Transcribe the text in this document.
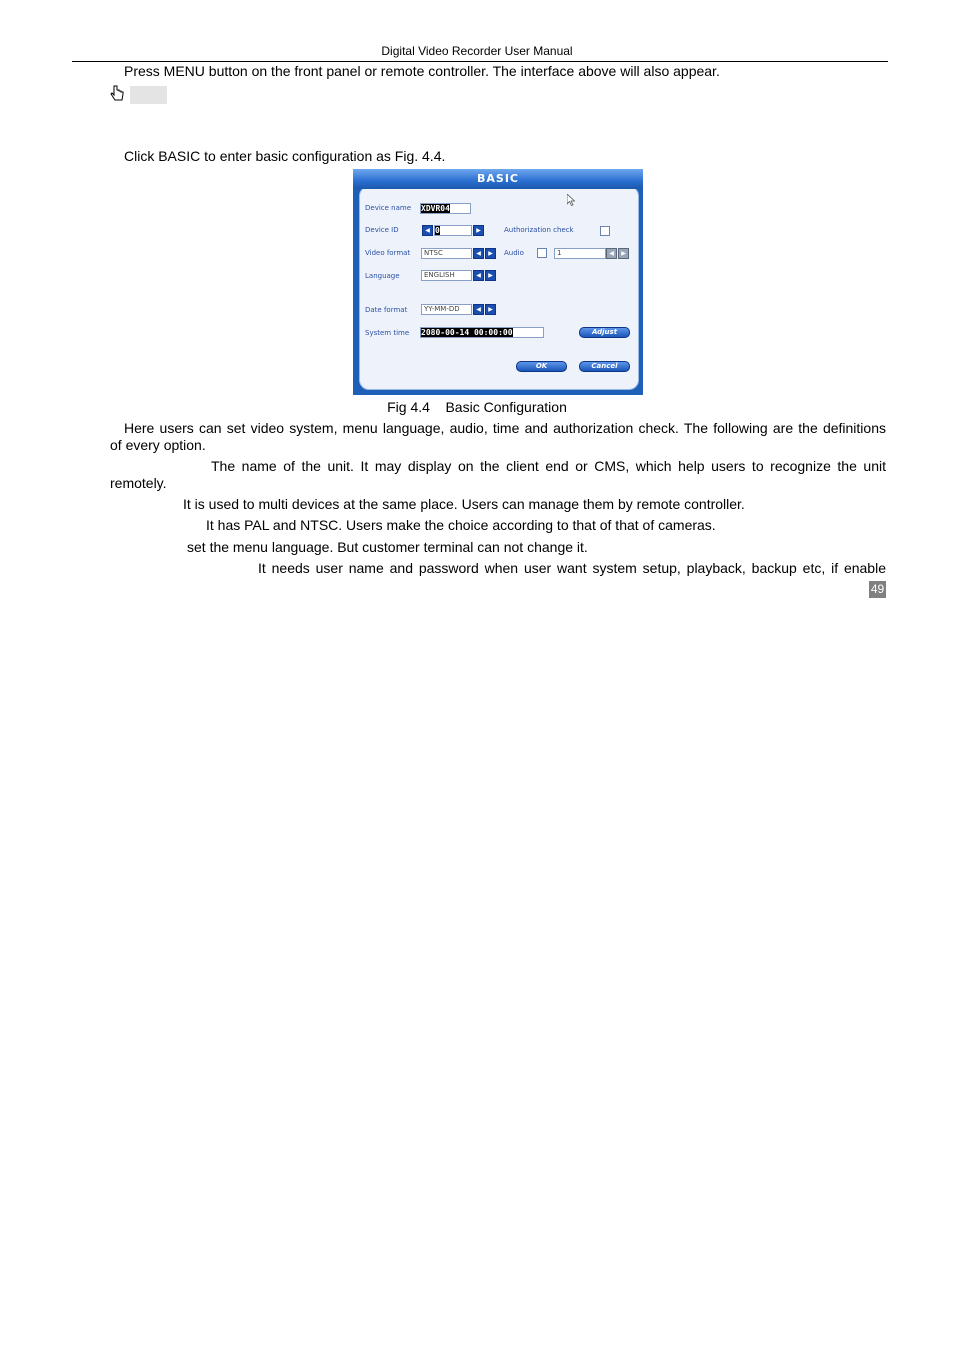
Digital Video Recorder User Manual
Press MENU button on the front panel or remote controller. The interface above will also appear.
Click BASIC to enter basic configuration as Fig. 4.4.
BASIC
Device name XDVR04
Device ID	◀ 0	▶	Authorization check
Video format	NTSC	◀	▶	Audio	1	◀	▶
Language	ENGLISH	◀	▶
Date format	YY-MM-DD	◀	▶
System time 2080-00-14 00:00:00	Adjust
OK	Cancel
Fig 4.4    Basic Configuration
Here users can set video system, menu language, audio, time and authorization check. The following are the definitions
of every option.
The name of the unit. It may display on the client end or CMS, which help users to recognize the unit
remotely.
It is used to multi devices at the same place. Users can manage them by remote controller.
It has PAL and NTSC. Users make the choice according to that of that of cameras.
set the menu language. But customer terminal can not change it.
It needs user name and password when user want system setup, playback, backup etc, if enable
49
